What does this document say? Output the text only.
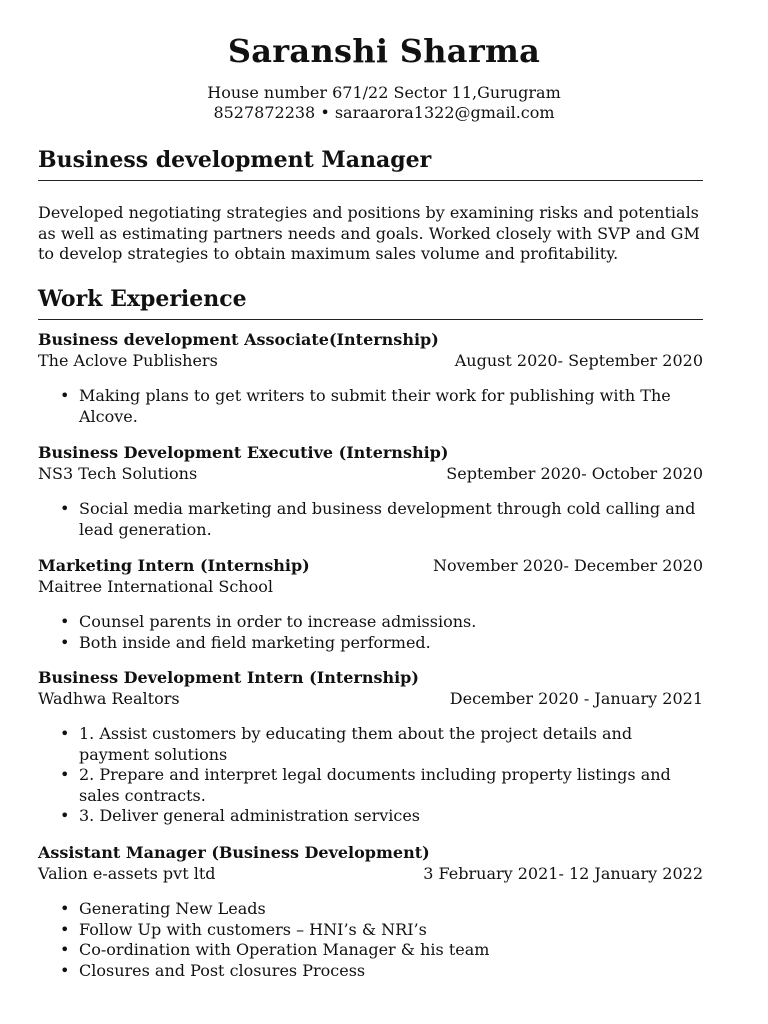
Saranshi Sharma
House number 671/22 Sector 11,Gurugram
8527872238 • saraarora1322@gmail.com
Business development Manager

Developed negotiating strategies and positions by examining risks and potentials as well as estimating partners needs and goals. Worked closely with SVP and GM to develop strategies to obtain maximum sales volume and profitability.

Work Experience
Business development Associate(Internship)
The Aclove Publishers	August 2020- September 2020
• Making plans to get writers to submit their work for publishing with The Alcove.
Business Development Executive (Internship)
NS3 Tech Solutions	September 2020- October 2020
• Social media marketing and business development through cold calling and lead generation.
Marketing Intern (Internship)	November 2020- December 2020
Maitree International School
• Counsel parents in order to increase admissions.
• Both inside and field marketing performed.
Business Development Intern (Internship)
Wadhwa Realtors	December 2020 - January 2021
• 1. Assist customers by educating them about the project details and payment solutions
• 2. Prepare and interpret legal documents including property listings and sales contracts.
• 3. Deliver general administration services
Assistant Manager (Business Development)
Valion e-assets pvt ltd	3 February 2021- 12 January 2022
• Generating New Leads
• Follow Up with customers – HNI’s & NRI’s
• Co-ordination with Operation Manager & his team
• Closures and Post closures Process
